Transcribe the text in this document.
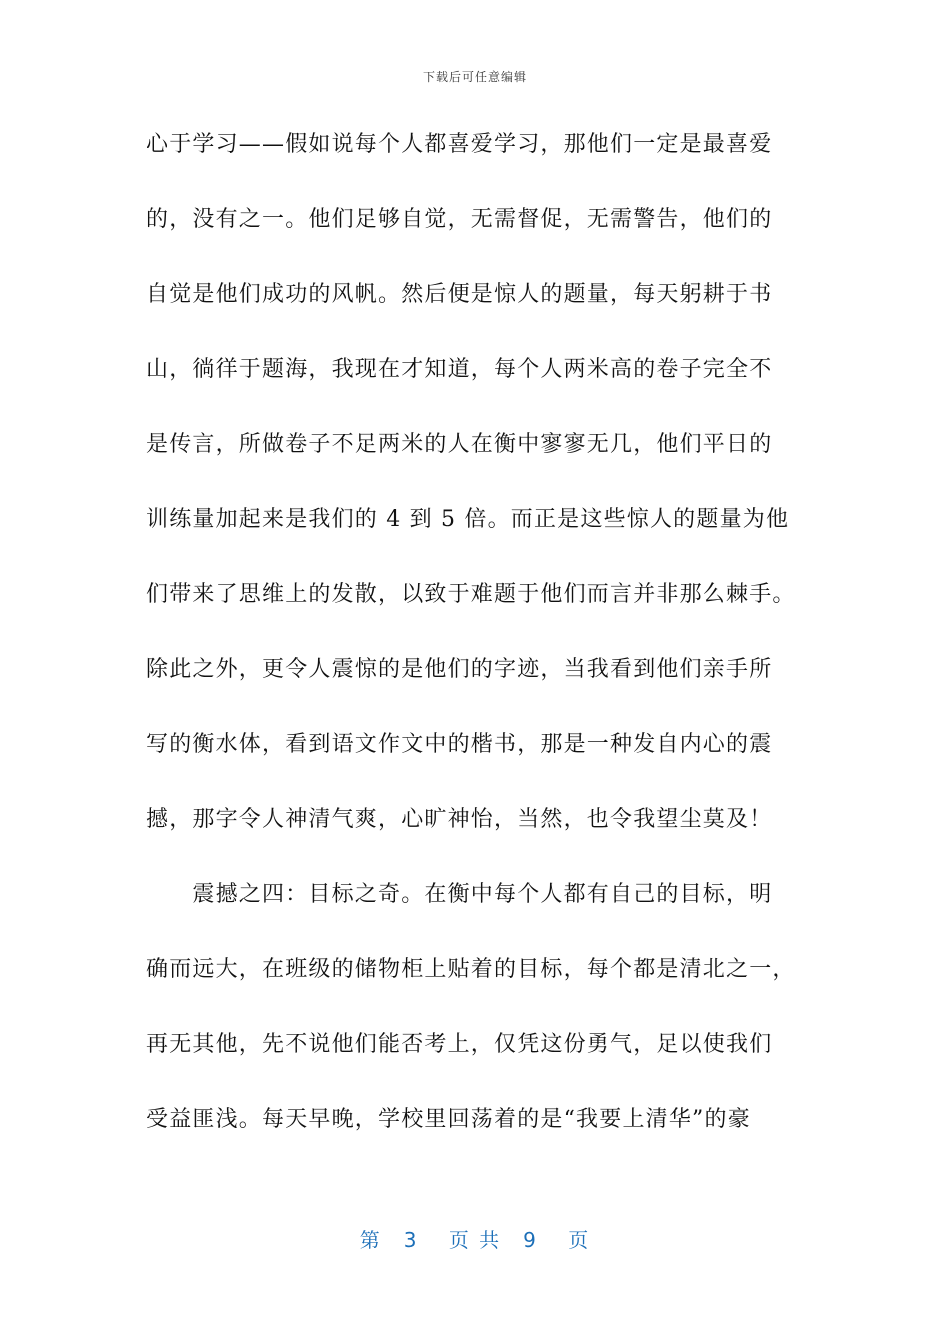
下载后可任意编辑
心于学习——假如说每个人都喜爱学习，那他们一定是最喜爱
的，没有之一。他们足够自觉，无需督促，无需警告，他们的
自觉是他们成功的风帆。然后便是惊人的题量，每天躬耕于书
山，徜徉于题海，我现在才知道，每个人两米高的卷子完全不
是传言，所做卷子不足两米的人在衡中寥寥无几，他们平日的
训练量加起来是我们的 4 到 5 倍。而正是这些惊人的题量为他
们带来了思维上的发散，以致于难题于他们而言并非那么棘手。
除此之外，更令人震惊的是他们的字迹，当我看到他们亲手所
写的衡水体，看到语文作文中的楷书，那是一种发自内心的震
撼，那字令人神清气爽，心旷神怡，当然，也令我望尘莫及！
　　震撼之四：目标之奇。在衡中每个人都有自己的目标，明
确而远大，在班级的储物柜上贴着的目标，每个都是清北之一，
再无其他，先不说他们能否考上，仅凭这份勇气，足以使我们
受益匪浅。每天早晚，学校里回荡着的是“我要上清华”的豪
第　3　 页 共　9　 页
